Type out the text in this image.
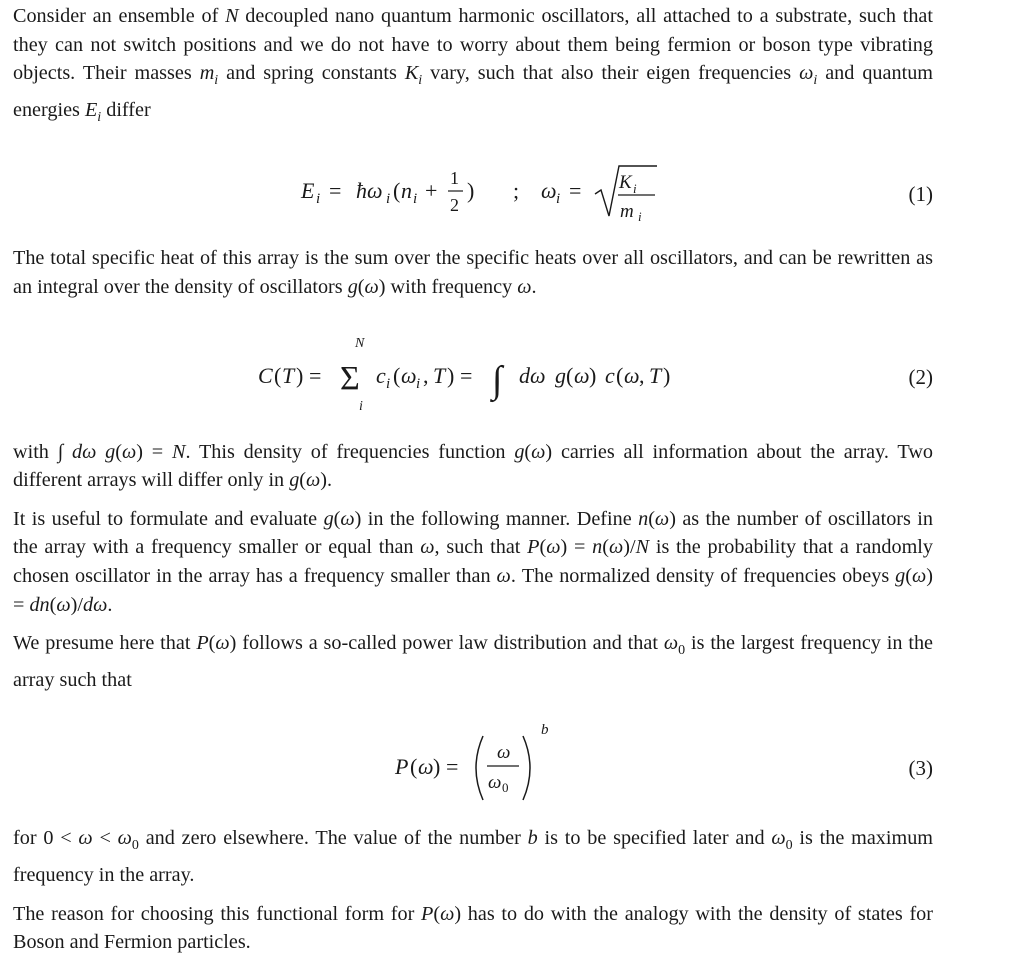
Consider an ensemble of N decoupled nano quantum harmonic oscillators, all attached to a substrate, such that they can not switch positions and we do not have to worry about them being fermion or boson type vibrating objects. Their masses $m_i$ and spring constants $K_i$ vary, such that also their eigen frequencies $\omega_i$ and quantum energies $E_i$ differ

E i = ħω i ( n i + 1
2
) ; ω i = K i
m i
(1)

The total specific heat of this array is the sum over the specific heats over all oscillators, and can be rewritten as an integral over the density of oscillators g(ω) with frequency ω.

C ( T ) =
N
Σ
i
c i ( ω i , T ) = ∫ dω g ( ω ) c ( ω , T )	(2)

with ∫ dω g(ω) = N. This density of frequencies function g(ω) carries all information about the array. Two different arrays will differ only in g(ω).

It is useful to formulate and evaluate g(ω) in the following manner. Define n(ω) as the number of oscillators in the array with a frequency smaller or equal than ω, such that P(ω) = n(ω)/N is the probability that a randomly chosen oscillator in the array has a frequency smaller than ω. The normalized density of frequencies obeys g(ω) = dn(ω)/dω.

We presume here that P(ω) follows a so-called power law distribution and that $\omega_0$ is the largest frequency in the array such that

P ( ω ) =
ω
ω 0
b
(3)

for $0 < \omega < \omega_0$ and zero elsewhere. The value of the number b is to be specified later and $\omega_0$ is the maximum frequency in the array.

The reason for choosing this functional form for P(ω) has to do with the analogy with the density of states for Boson and Fermion particles.
